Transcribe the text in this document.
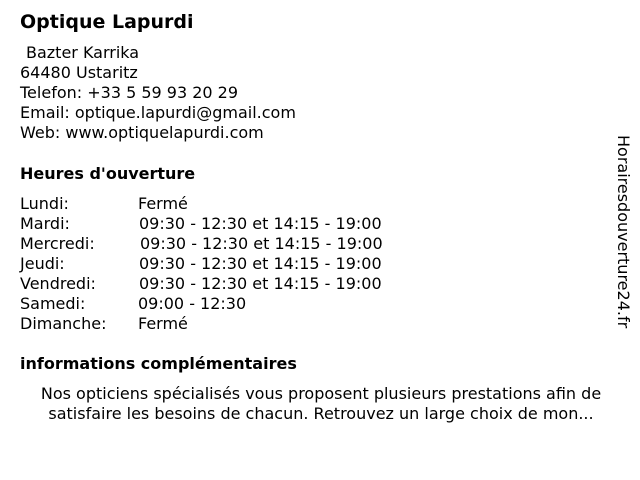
Optique Lapurdi
Bazter Karrika
64480 Ustaritz
Telefon: +33 5 59 93 20 29
Email: optique.lapurdi@gmail.com
Web: www.optiquelapurdi.com
Heures d'ouverture
Lundi:	Fermé
Mardi:	09:30 - 12:30 et 14:15 - 19:00
Mercredi:	09:30 - 12:30 et 14:15 - 19:00
Jeudi:	09:30 - 12:30 et 14:15 - 19:00
Vendredi:	09:30 - 12:30 et 14:15 - 19:00
Samedi:	09:00 - 12:30
Dimanche: Fermé
informations complémentaires
Nos opticiens spécialisés vous proposent plusieurs prestations afin de
satisfaire les besoins de chacun. Retrouvez un large choix de mon...
Horairesdouverture24.fr
